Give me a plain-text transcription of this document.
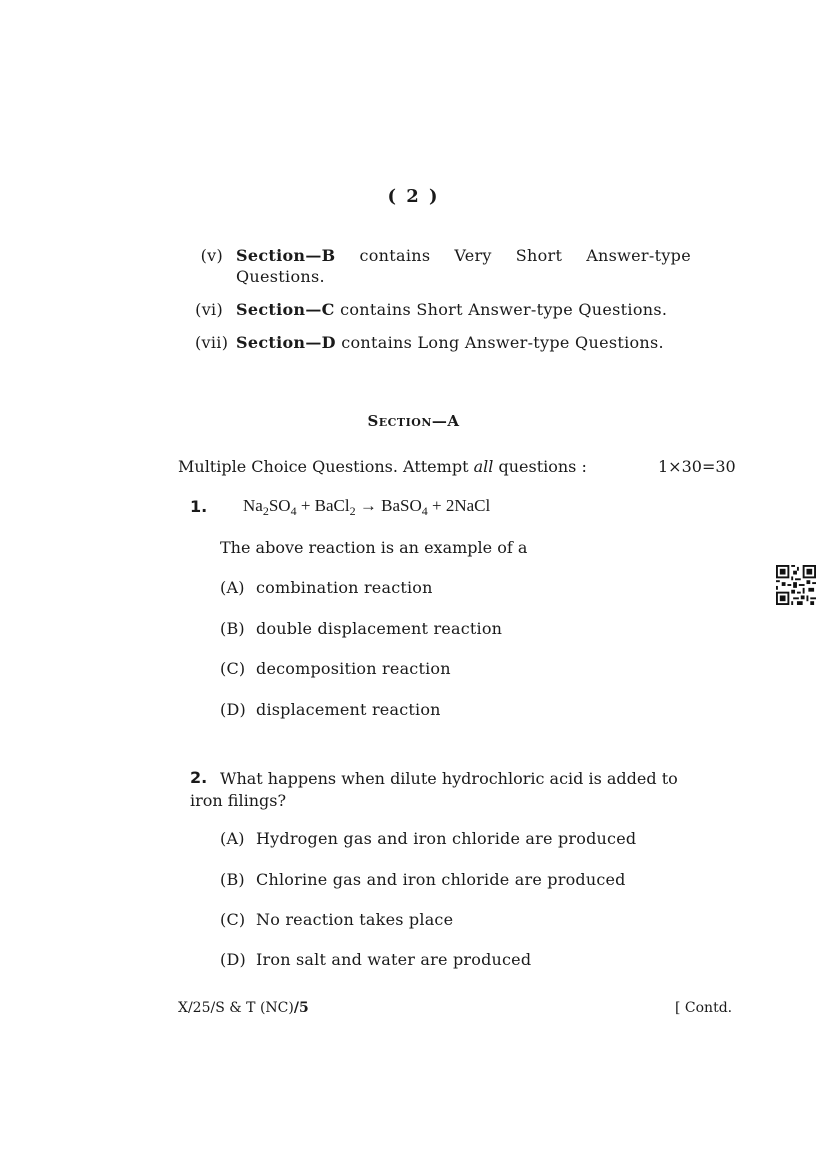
( 2 )
(v) Section—B contains Very Short Answer-type
Questions.
(vi) Section—C contains Short Answer-type Questions.
(vii) Section—D contains Long Answer-type Questions.
Section—A
Multiple Choice Questions. Attempt all questions :	1×30=30
1. $Na_2SO_4$ + BaCl$_2$ → BaSO$_4$ + 2NaCl
The above reaction is an example of a
(A) combination reaction
(B) double displacement reaction
(C) decomposition reaction
(D) displacement reaction
2. What happens when dilute hydrochloric acid is added to
iron filings?
(A) Hydrogen gas and iron chloride are produced
(B) Chlorine gas and iron chloride are produced
(C) No reaction takes place
(D) Iron salt and water are produced
X/25/S & T (NC)/5	[ Contd.
